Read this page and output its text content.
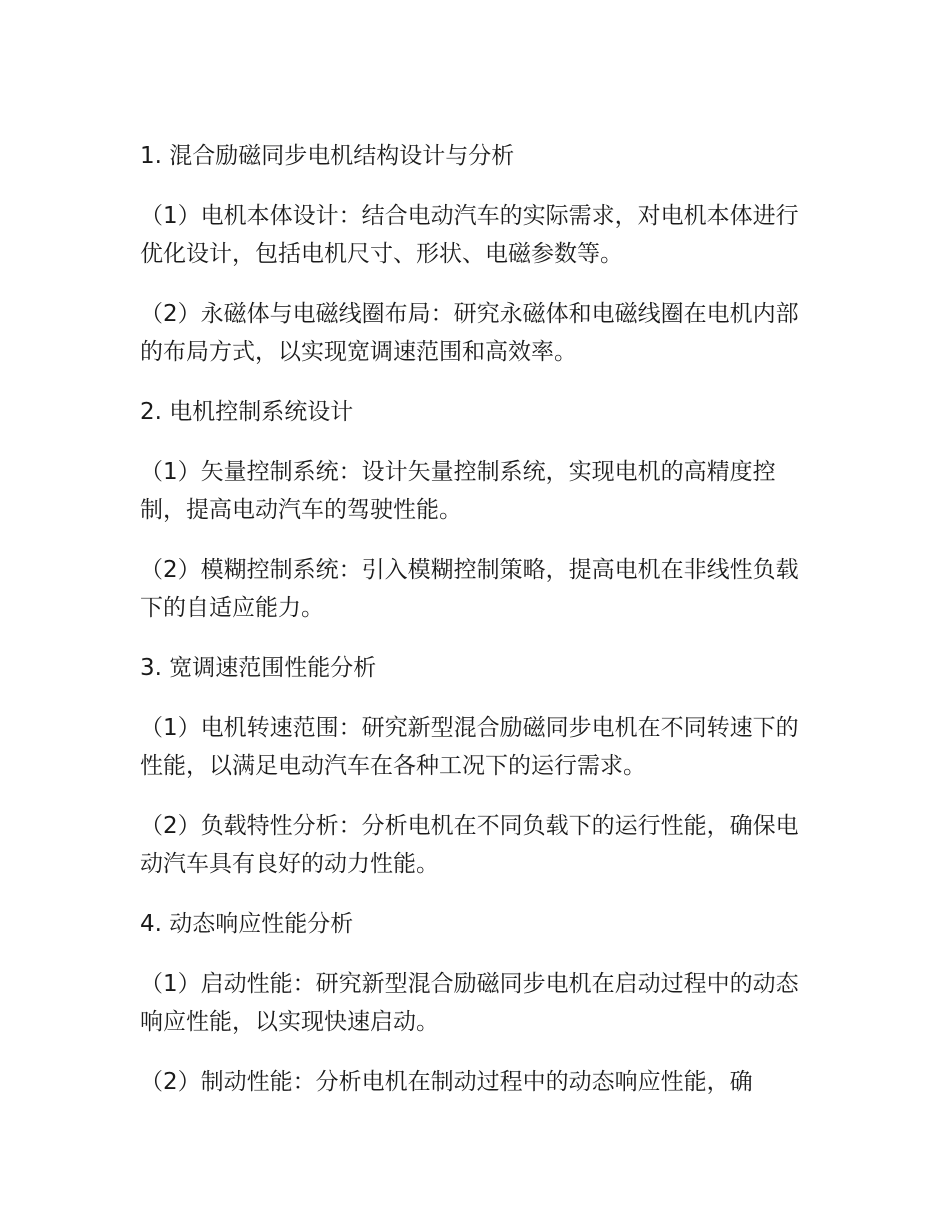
1. 混合励磁同步电机结构设计与分析
（1）电机本体设计：结合电动汽车的实际需求，对电机本体进行优化设计，包括电机尺寸、形状、电磁参数等。
（2）永磁体与电磁线圈布局：研究永磁体和电磁线圈在电机内部的布局方式，以实现宽调速范围和高效率。
2. 电机控制系统设计
（1）矢量控制系统：设计矢量控制系统，实现电机的高精度控制，提高电动汽车的驾驶性能。
（2）模糊控制系统：引入模糊控制策略，提高电机在非线性负载下的自适应能力。
3. 宽调速范围性能分析
（1）电机转速范围：研究新型混合励磁同步电机在不同转速下的性能，以满足电动汽车在各种工况下的运行需求。
（2）负载特性分析：分析电机在不同负载下的运行性能，确保电动汽车具有良好的动力性能。
4. 动态响应性能分析
（1）启动性能：研究新型混合励磁同步电机在启动过程中的动态响应性能，以实现快速启动。
（2）制动性能：分析电机在制动过程中的动态响应性能，确
